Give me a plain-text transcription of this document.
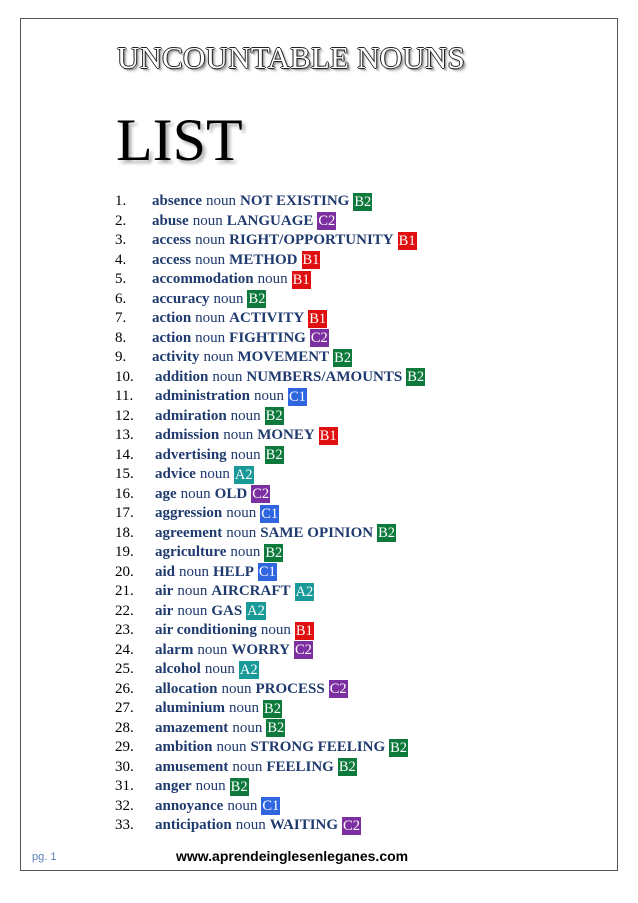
UNCOUNTABLE NOUNS
LIST
1.	absence noun NOT EXISTING B2
2.	abuse noun LANGUAGE C2
3.	access noun RIGHT/OPPORTUNITY B1
4.	access noun METHOD B1
5.	accommodation noun B1
6.	accuracy noun B2
7.	action noun ACTIVITY B1
8.	action noun FIGHTING C2
9.	activity noun MOVEMENT B2
10.	addition noun NUMBERS/AMOUNTS B2
11.	administration noun C1
12.	admiration noun B2
13.	admission noun MONEY B1
14.	advertising noun B2
15.	advice noun A2
16.	age noun OLD C2
17.	aggression noun C1
18.	agreement noun SAME OPINION B2
19.	agriculture noun B2
20.	aid noun HELP C1
21.	air noun AIRCRAFT A2
22.	air noun GAS A2
23.	air conditioning noun B1
24.	alarm noun WORRY C2
25.	alcohol noun A2
26.	allocation noun PROCESS C2
27.	aluminium noun B2
28.	amazement noun B2
29.	ambition noun STRONG FEELING B2
30.	amusement noun FEELING B2
31.	anger noun B2
32.	annoyance noun C1
33.	anticipation noun WAITING C2
pg. 1	www.aprendeinglesenleganes.com
